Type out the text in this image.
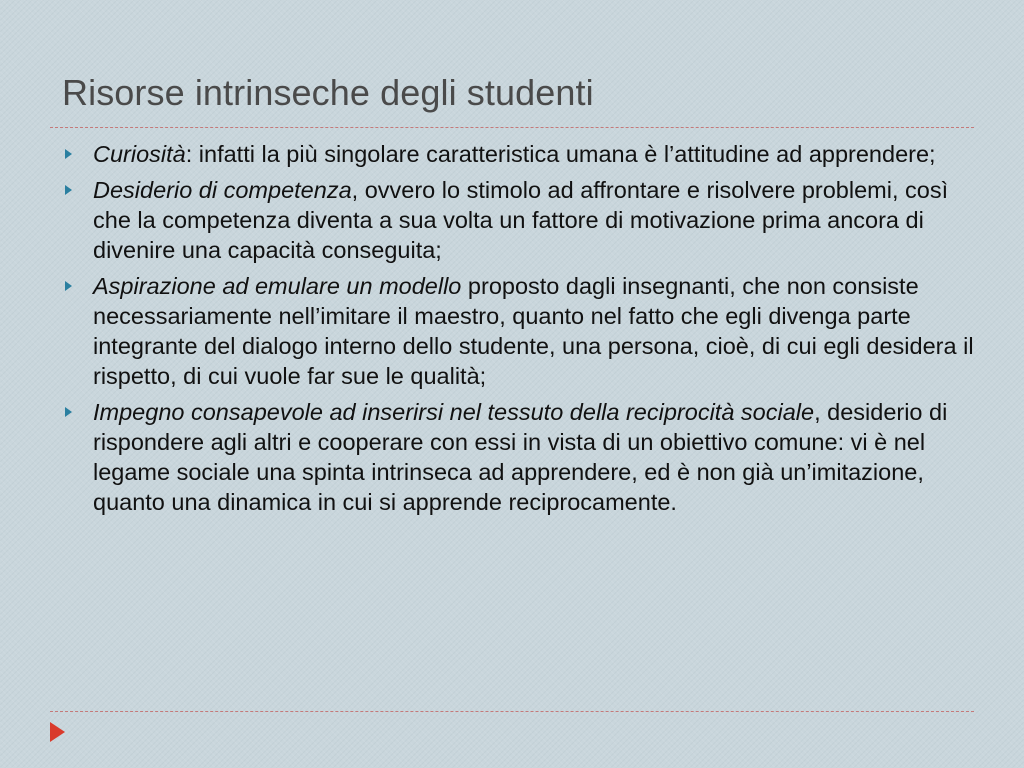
Risorse intrinseche degli studenti
Curiosità: infatti la più singolare caratteristica umana è l’attitudine ad apprendere;
Desiderio di competenza, ovvero lo stimolo ad affrontare e risolvere problemi, così che la competenza diventa a sua volta un fattore di motivazione prima ancora di divenire una capacità conseguita;
Aspirazione ad emulare un modello proposto dagli insegnanti, che non consiste necessariamente nell’imitare il maestro, quanto nel fatto che egli divenga parte integrante del dialogo interno dello studente, una persona, cioè, di cui egli desidera il rispetto, di cui vuole far sue le qualità;
Impegno consapevole ad inserirsi nel tessuto della reciprocità sociale, desiderio di rispondere agli altri e cooperare con essi in vista di un obiettivo comune: vi è nel legame sociale una spinta intrinseca ad apprendere, ed è non già un’imitazione, quanto una dinamica in cui si apprende reciprocamente.
